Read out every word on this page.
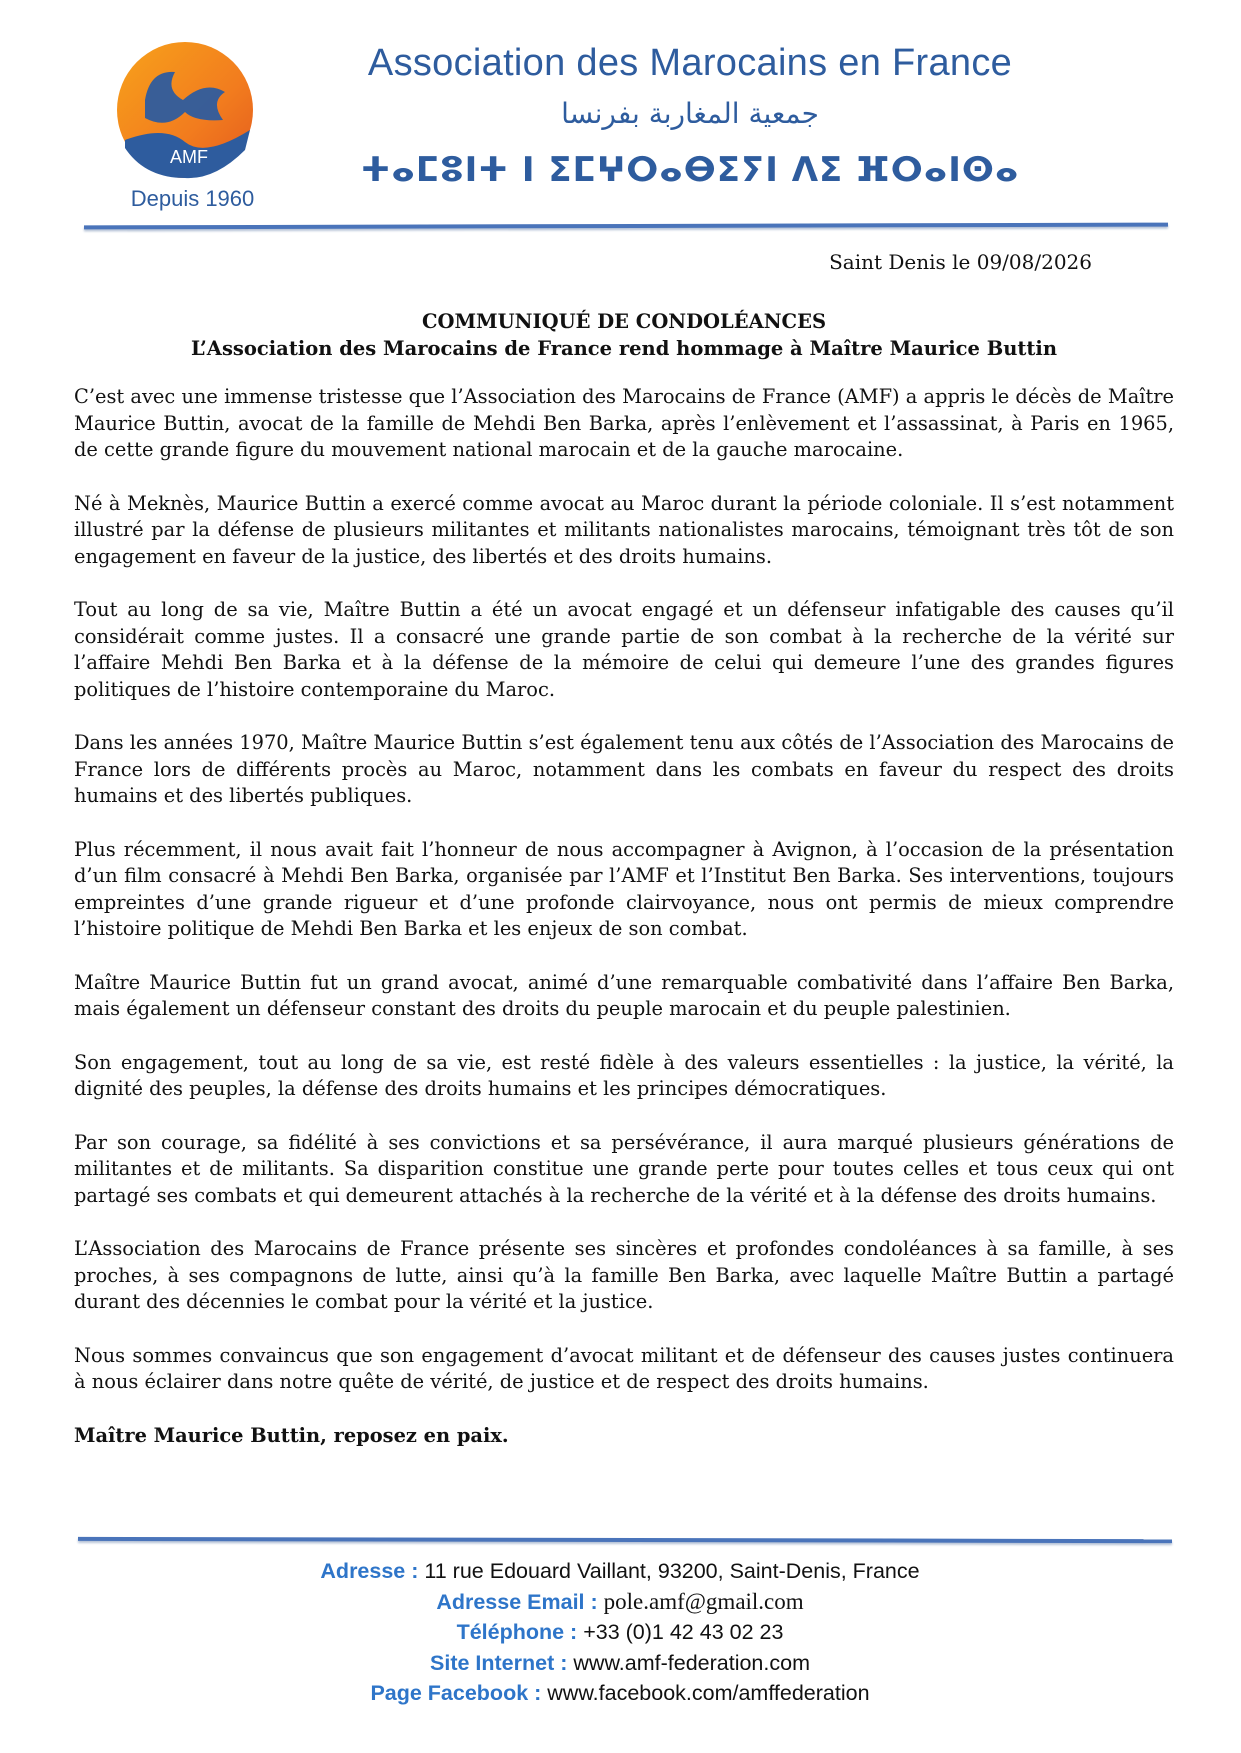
AMF
Depuis 1960
Association des Marocains en France
جمعية المغاربة بفرنسا
ⵜⴰⵎⵓⵏⵜ ⵏ ⵉⵎⵖⵔⴰⴱⵉⵢⵏ ⴷⵉ ⴼⵔⴰⵏⵙⴰ
Saint Denis le 09/08/2026
COMMUNIQUÉ DE CONDOLÉANCES
L’Association des Marocains de France rend hommage à Maître Maurice Buttin

C’est avec une immense tristesse que l’Association des Marocains de France (AMF) a appris le décès de Maître Maurice Buttin, avocat de la famille de Mehdi Ben Barka, après l’enlèvement et l’assassinat, à Paris en 1965, de cette grande figure du mouvement national marocain et de la gauche marocaine.

Né à Meknès, Maurice Buttin a exercé comme avocat au Maroc durant la période coloniale. Il s’est notamment illustré par la défense de plusieurs militantes et militants nationalistes marocains, témoignant très tôt de son engagement en faveur de la justice, des libertés et des droits humains.

Tout au long de sa vie, Maître Buttin a été un avocat engagé et un défenseur infatigable des causes qu’il considérait comme justes. Il a consacré une grande partie de son combat à la recherche de la vérité sur l’affaire Mehdi Ben Barka et à la défense de la mémoire de celui qui demeure l’une des grandes figures politiques de l’histoire contemporaine du Maroc.

Dans les années 1970, Maître Maurice Buttin s’est également tenu aux côtés de l’Association des Marocains de France lors de différents procès au Maroc, notamment dans les combats en faveur du respect des droits humains et des libertés publiques.

Plus récemment, il nous avait fait l’honneur de nous accompagner à Avignon, à l’occasion de la présentation d’un film consacré à Mehdi Ben Barka, organisée par l’AMF et l’Institut Ben Barka. Ses interventions, toujours empreintes d’une grande rigueur et d’une profonde clairvoyance, nous ont permis de mieux comprendre l’histoire politique de Mehdi Ben Barka et les enjeux de son combat.

Maître Maurice Buttin fut un grand avocat, animé d’une remarquable combativité dans l’affaire Ben Barka, mais également un défenseur constant des droits du peuple marocain et du peuple palestinien.

Son engagement, tout au long de sa vie, est resté fidèle à des valeurs essentielles : la justice, la vérité, la dignité des peuples, la défense des droits humains et les principes démocratiques.

Par son courage, sa fidélité à ses convictions et sa persévérance, il aura marqué plusieurs générations de militantes et de militants. Sa disparition constitue une grande perte pour toutes celles et tous ceux qui ont partagé ses combats et qui demeurent attachés à la recherche de la vérité et à la défense des droits humains.

L’Association des Marocains de France présente ses sincères et profondes condoléances à sa famille, à ses proches, à ses compagnons de lutte, ainsi qu’à la famille Ben Barka, avec laquelle Maître Buttin a partagé durant des décennies le combat pour la vérité et la justice.

Nous sommes convaincus que son engagement d’avocat militant et de défenseur des causes justes continuera à nous éclairer dans notre quête de vérité, de justice et de respect des droits humains.

Maître Maurice Buttin, reposez en paix.

Adresse : 11 rue Edouard Vaillant, 93200, Saint-Denis, France
Adresse Email : pole.amf@gmail.com
Téléphone : +33 (0)1 42 43 02 23
Site Internet : www.amf-federation.com
Page Facebook : www.facebook.com/amffederation
